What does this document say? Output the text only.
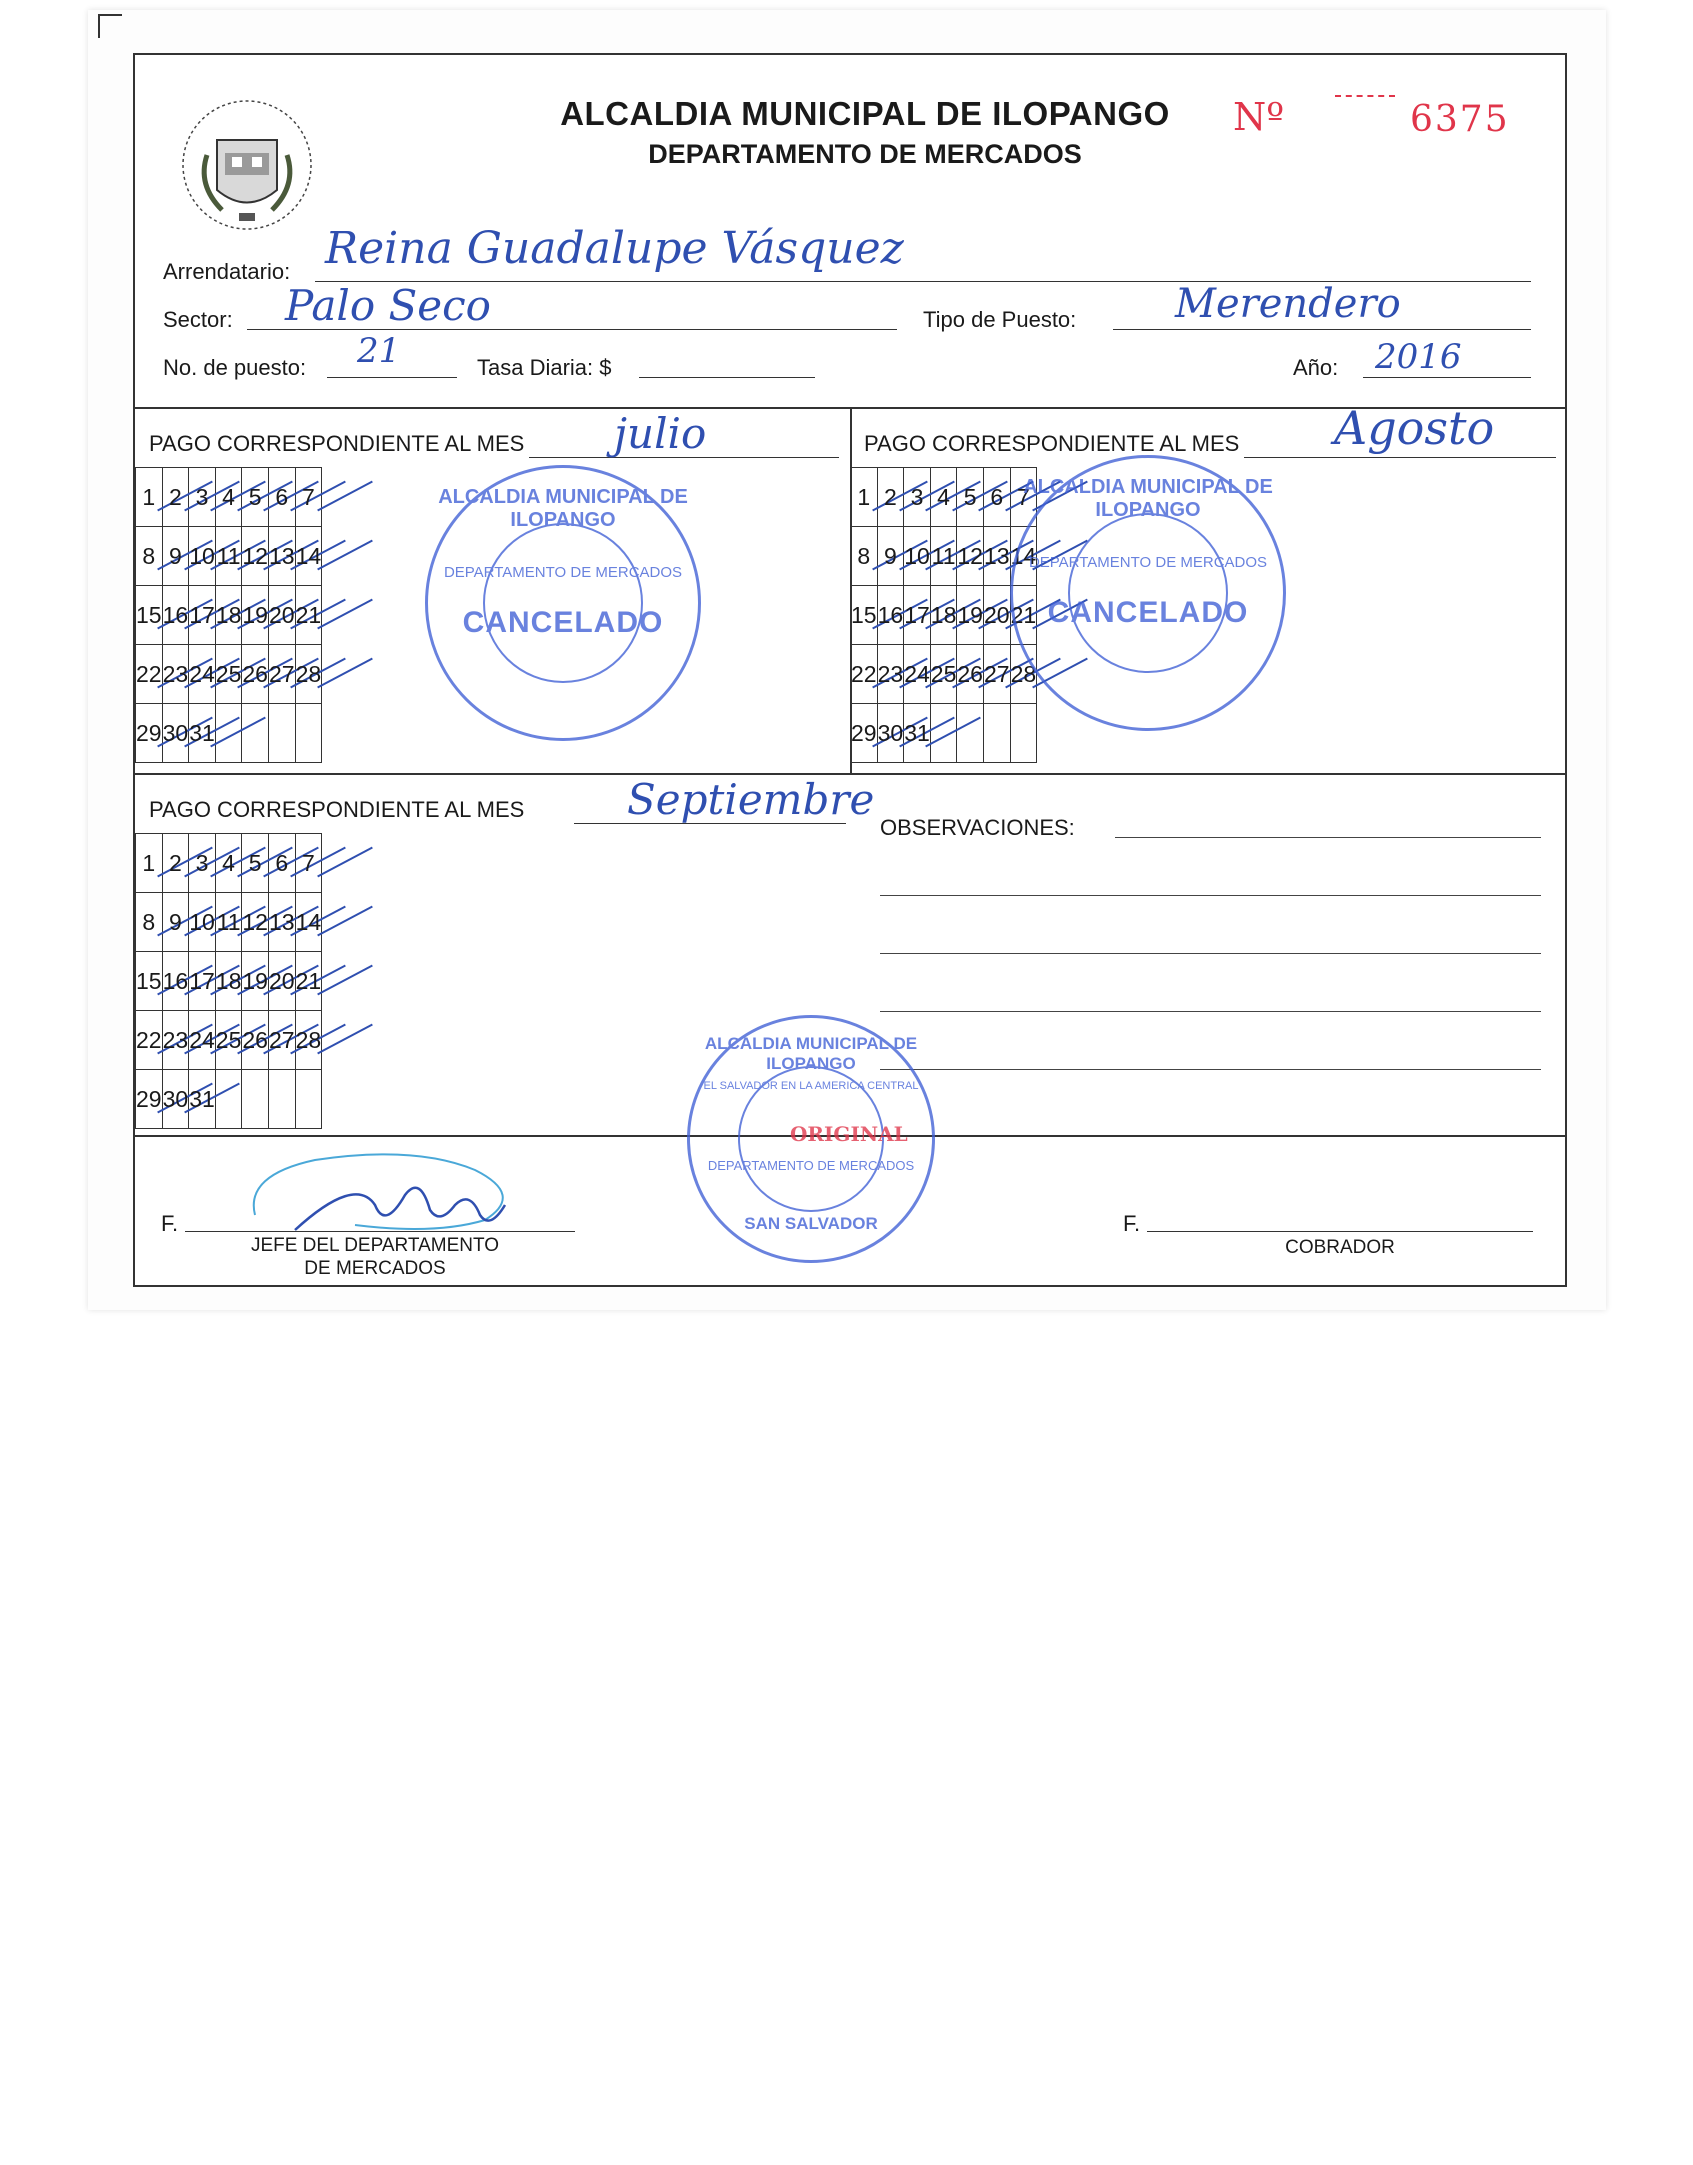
ALCALDIA MUNICIPAL DE ILOPANGO
DEPARTAMENTO DE MERCADOS
Nº	6375
Arrendatario: Reina Guadalupe Vásquez
Sector: Palo Seco	Tipo de Puesto: Merendero
No. de puesto: 21	Tasa Diaria: $	Año: 2016
PAGO CORRESPONDIENTE AL MES julio
1	2	3	4	5	6	7
8	9	10	11	12	13	14
15	16	17	18	19	20	21
22	23	24	25	26	27	28
29	30	31				
PAGO CORRESPONDIENTE AL MES Agosto
1	2	3	4	5	6	7
8	9	10	11	12	13	14
15	16	17	18	19	20	21
22	23	24	25	26	27	28
29	30	31				
PAGO CORRESPONDIENTE AL MES Septiembre
1	2	3	4	5	6	7
8	9	10	11	12	13	14
15	16	17	18	19	20	21
22	23	24	25	26	27	28
29	30	31				
OBSERVACIONES:
F.
JEFE DEL DEPARTAMENTO
DE MERCADOS
F.
COBRADOR
ALCALDIA MUNICIPAL DE ILOPANGO
DEPARTAMENTO DE MERCADOS
CANCELADO
ALCALDIA MUNICIPAL DE ILOPANGO
DEPARTAMENTO DE MERCADOS
CANCELADO
ALCALDIA MUNICIPAL DE ILOPANGO
EL SALVADOR EN LA AMERICA CENTRAL
DEPARTAMENTO DE MERCADOS
SAN SALVADOR
ORIGINAL
